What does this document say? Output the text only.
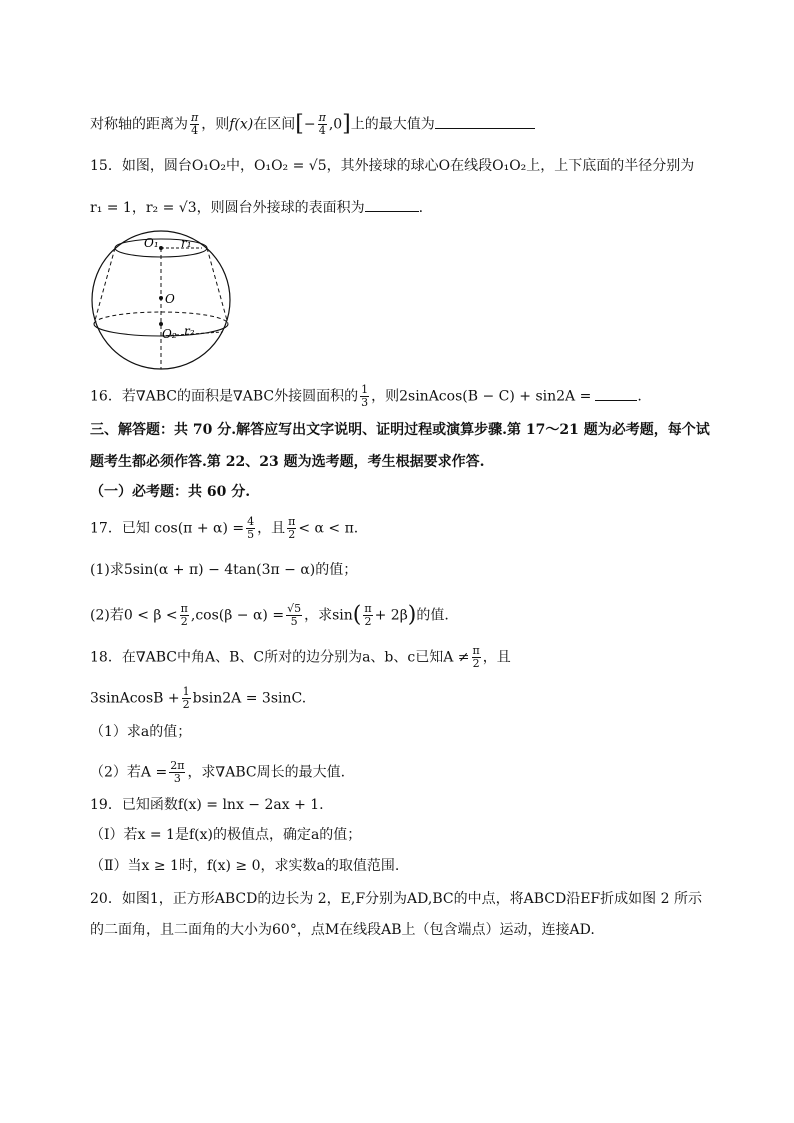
对称轴的距离为 $\frac{\pi}{4}$ ，则f(x)在区间[− $\frac{\pi}{4} ,0$]上的最大值为
15．如图，圆台O₁O₂中，O₁O₂ = √5，其外接球的球心O在线段O₁O₂上，上下底面的半径分别为
r₁ = 1，r₂ = √3，则圆台外接球的表面积为	.
O₁ r₁
O
O₂ r₂
16．若∇ABC的面积是∇ABC外接圆面积的 $\frac{1}{3}$ ，则2sinAcos(B − C) + sin2A =	.
三、解答题：共 70 分.解答应写出文字说明、证明过程或演算步骤.第 17～21 题为必考题，每个试
题考生都必须作答.第 22、23 题为选考题，考生根据要求作答.
（一）必考题：共 60 分.
17．已知 $\cos(\pi + \alpha) = \frac{4}{5}$ ，且 $\frac{\pi}{2} < \alpha < \pi$.
(1)求5sin(α + π) − 4tan(3π − α)的值；
(2)若$0 < \beta < \frac{\pi}{2} ,\cos(\beta - \alpha) = \frac{√5}{5}$ ，求$\sin( \frac{\pi}{2} + 2\beta)$的值.
18．在∇ABC中角A、B、C所对的边分别为a、b、c已知$A \ne \frac{\pi}{2}$ ，且
3sinAcosB + $\frac{1}{2} bsin2A = 3\sin C$.
（1）求a的值；
（2）若$A = \frac{2\pi}{3}$ ，求∇ABC周长的最大值.
19．已知函数f(x) = lnx − 2ax + 1.
（Ⅰ）若x = 1是f(x)的极值点，确定a的值；
（Ⅱ）当x ≥ 1时，f(x) ≥ 0，求实数a的取值范围.
20．如图1，正方形ABCD的边长为 2，E,F分别为AD,BC的中点，将ABCD沿EF折成如图 2 所示
的二面角，且二面角的大小为60°，点M在线段AB上（包含端点）运动，连接AD.
